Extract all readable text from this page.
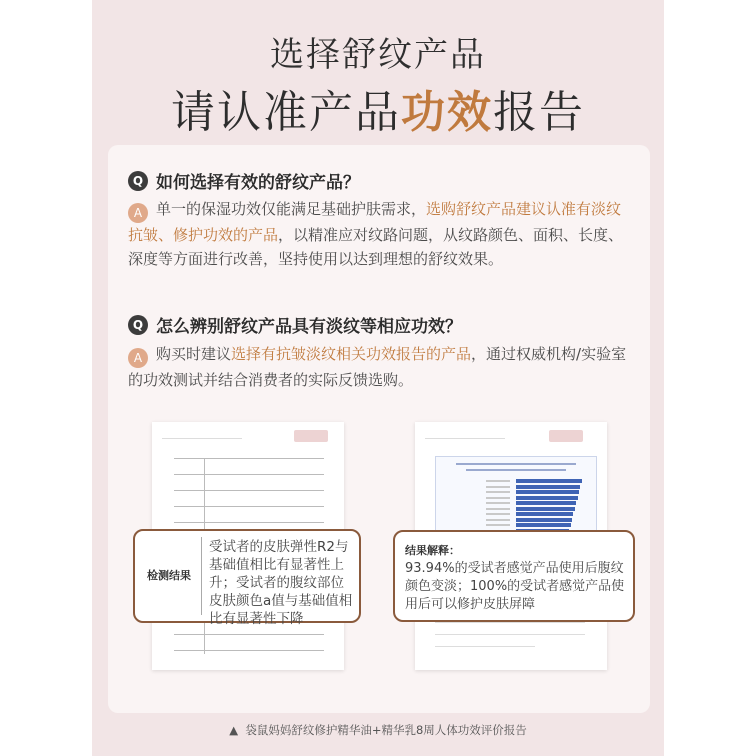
选择舒纹产品
请认准产品功效报告
Q 如何选择有效的舒纹产品？
A 单一的保湿功效仅能满足基础护肤需求，选购舒纹产品建议认准有淡纹抗皱、修护功效的产品，以精准应对纹路问题，从纹路颜色、面积、长度、深度等方面进行改善，坚持使用以达到理想的舒纹效果。
Q 怎么辨别舒纹产品具有淡纹等相应功效？
A 购买时建议选择有抗皱淡纹相关功效报告的产品，通过权威机构/实验室的功效测试并结合消费者的实际反馈选购。
检测结果
受试者的皮肤弹性R2与基础值相比有显著性上升；受试者的腹纹部位皮肤颜色a值与基础值相比有显著性下降
结果解释：
93.94%的受试者感觉产品使用后腹纹颜色变淡；100%的受试者感觉产品使用后可以修护皮肤屏障
▲ 袋鼠妈妈舒纹修护精华油+精华乳8周人体功效评价报告
